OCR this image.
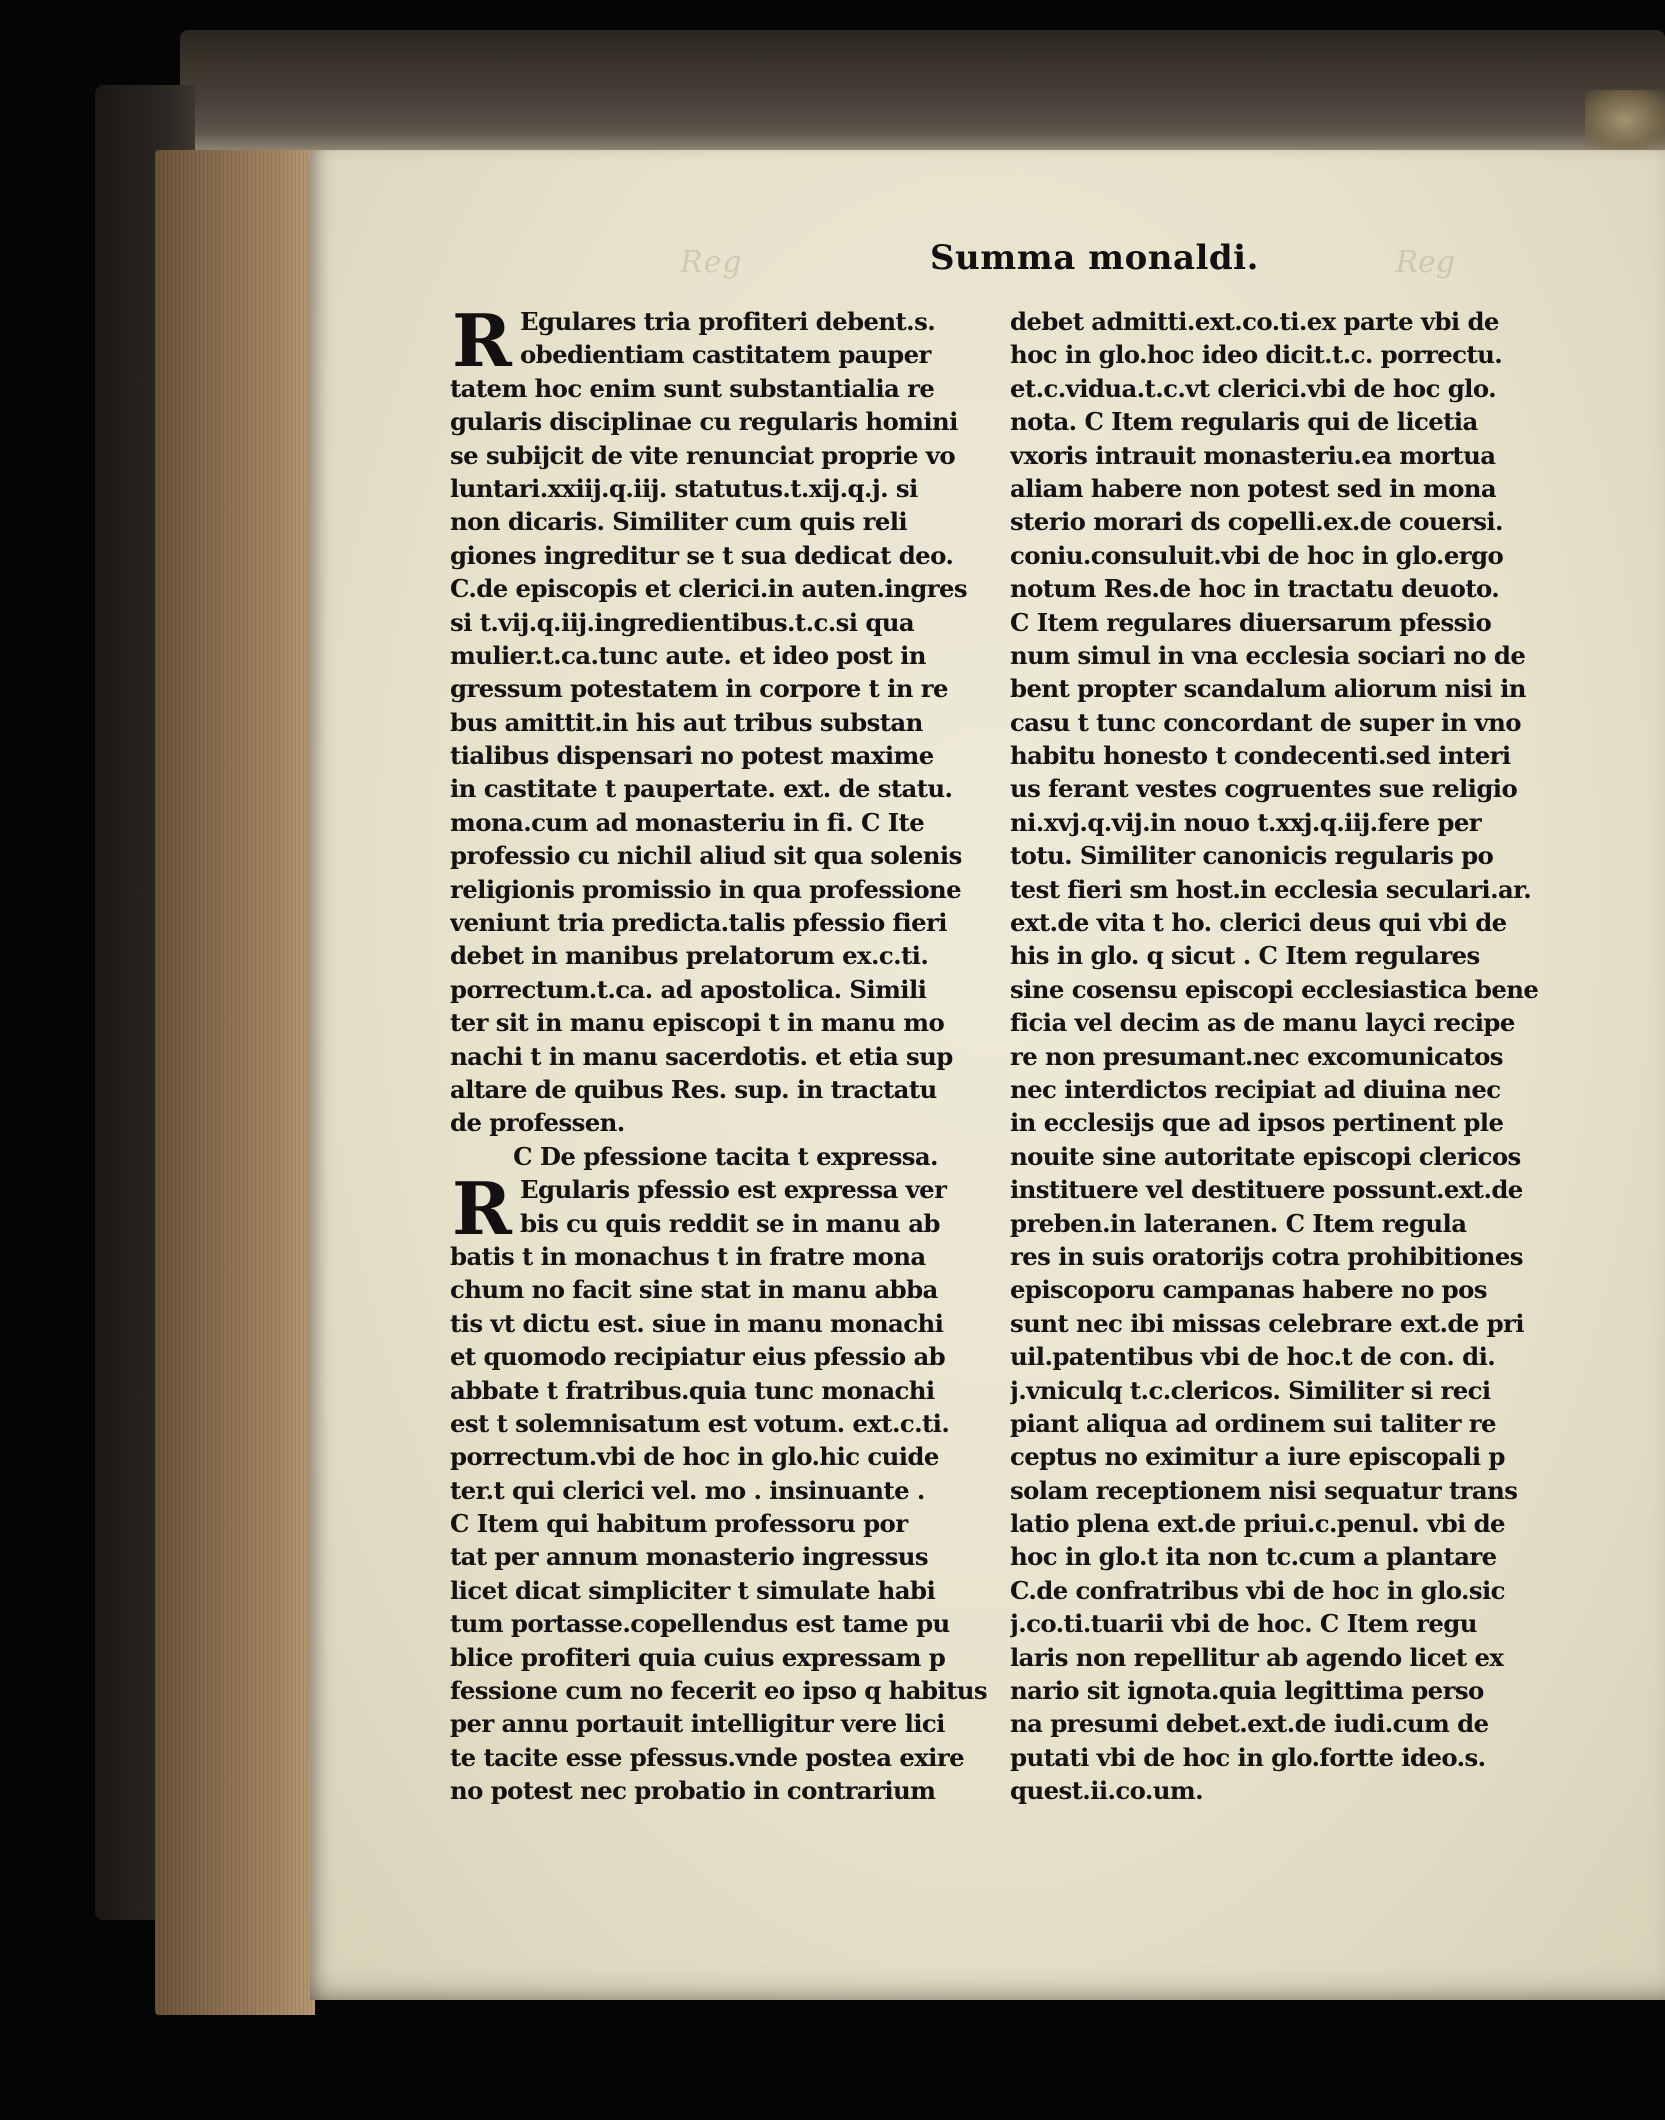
Reg	Reg
Summa monaldi.
R
R
Egulares tria profiteri debent.s.
obedientiam castitatem pauper
tatem hoc enim sunt substantialia re
gularis disciplinae cu regularis homini
se subijcit de vite renunciat proprie vo
luntari.xxiij.q.iij. statutus.t.xij.q.j. si
non dicaris. Similiter cum quis reli
giones ingreditur se t sua dedicat deo.
C.de episcopis et clerici.in auten.ingres
si t.vij.q.iij.ingredientibus.t.c.si qua
mulier.t.ca.tunc aute. et ideo post in
gressum potestatem in corpore t in re
bus amittit.in his aut tribus substan
tialibus dispensari no potest maxime
in castitate t paupertate. ext. de statu.
mona.cum ad monasteriu in fi. C Ite
professio cu nichil aliud sit qua solenis
religionis promissio in qua professione
veniunt tria predicta.talis pfessio fieri
debet in manibus prelatorum ex.c.ti.
porrectum.t.ca. ad apostolica. Simili
ter sit in manu episcopi t in manu mo
nachi t in manu sacerdotis. et etia sup
altare de quibus Res. sup. in tractatu
de professen.
C De pfessione tacita t expressa.
Egularis pfessio est expressa ver
bis cu quis reddit se in manu ab
batis t in monachus t in fratre mona
chum no facit sine stat in manu abba
tis vt dictu est. siue in manu monachi
et quomodo recipiatur eius pfessio ab
abbate t fratribus.quia tunc monachi
est t solemnisatum est votum. ext.c.ti.
porrectum.vbi de hoc in glo.hic cuide
ter.t qui clerici vel. mo . insinuante .
C Item qui habitum professoru por
tat per annum monasterio ingressus
licet dicat simpliciter t simulate habi
tum portasse.copellendus est tame pu
blice profiteri quia cuius expressam p
fessione cum no fecerit eo ipso q habitus
per annu portauit intelligitur vere lici
te tacite esse pfessus.vnde postea exire
no potest nec probatio in contrarium
debet admitti.ext.co.ti.ex parte vbi de
hoc in glo.hoc ideo dicit.t.c. porrectu.
et.c.vidua.t.c.vt clerici.vbi de hoc glo.
nota. C Item regularis qui de licetia
vxoris intrauit monasteriu.ea mortua
aliam habere non potest sed in mona
sterio morari ds copelli.ex.de couersi.
coniu.consuluit.vbi de hoc in glo.ergo
notum Res.de hoc in tractatu deuoto.
C Item regulares diuersarum pfessio
num simul in vna ecclesia sociari no de
bent propter scandalum aliorum nisi in
casu t tunc concordant de super in vno
habitu honesto t condecenti.sed interi
us ferant vestes cogruentes sue religio
ni.xvj.q.vij.in nouo t.xxj.q.iij.fere per
totu. Similiter canonicis regularis po
test fieri sm host.in ecclesia seculari.ar.
ext.de vita t ho. clerici deus qui vbi de
his in glo. q sicut . C Item regulares
sine cosensu episcopi ecclesiastica bene
ficia vel decim as de manu layci recipe
re non presumant.nec excomunicatos
nec interdictos recipiat ad diuina nec
in ecclesijs que ad ipsos pertinent ple
nouite sine autoritate episcopi clericos
instituere vel destituere possunt.ext.de
preben.in lateranen. C Item regula
res in suis oratorijs cotra prohibitiones
episcoporu campanas habere no pos
sunt nec ibi missas celebrare ext.de pri
uil.patentibus vbi de hoc.t de con. di.
j.vniculq t.c.clericos. Similiter si reci
piant aliqua ad ordinem sui taliter re
ceptus no eximitur a iure episcopali p
solam receptionem nisi sequatur trans
latio plena ext.de priui.c.penul. vbi de
hoc in glo.t ita non tc.cum a plantare
C.de confratribus vbi de hoc in glo.sic
j.co.ti.tuarii vbi de hoc. C Item regu
laris non repellitur ab agendo licet ex
nario sit ignota.quia legittima perso
na presumi debet.ext.de iudi.cum de
putati vbi de hoc in glo.fortte ideo.s.
quest.ii.co.um.
